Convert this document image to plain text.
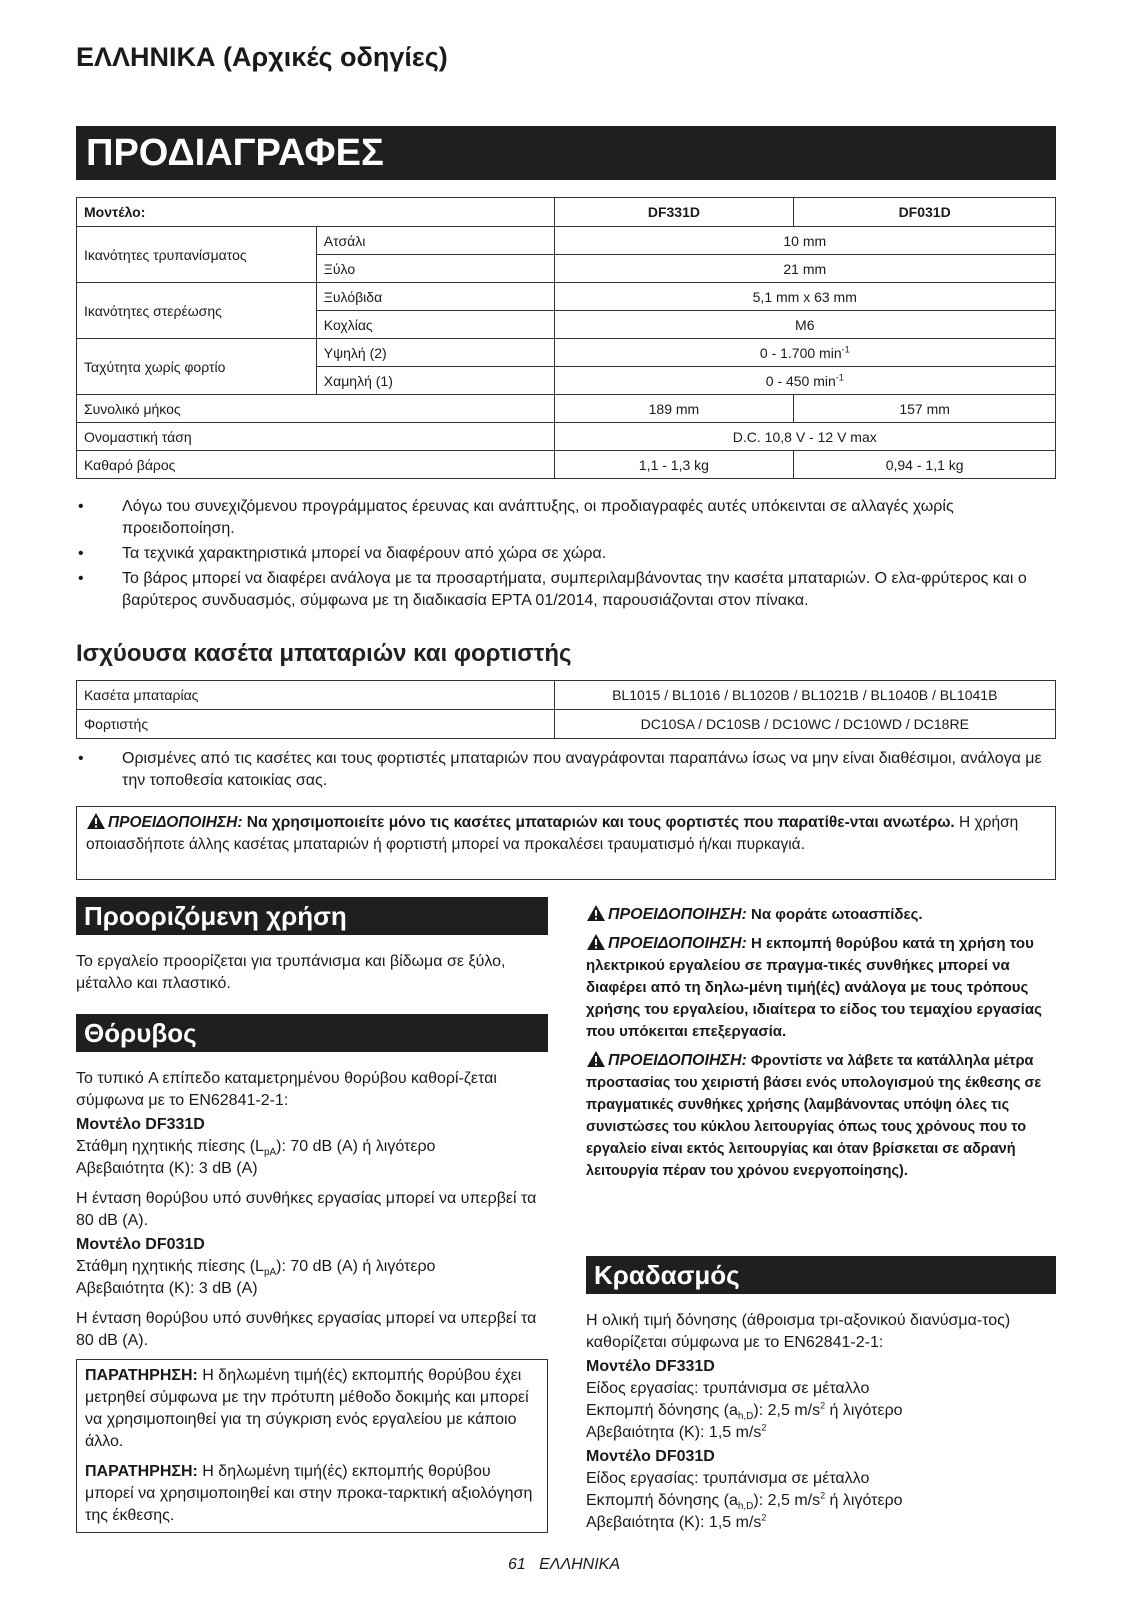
ΕΛΛΗΝΙΚΑ (Αρχικές οδηγίες)
ΠΡΟΔΙΑΓΡΑΦΕΣ
Μοντέλο:		DF331D	DF031D
Ικανότητες τρυπανίσματος	Ατσάλι	10 mm	
	Ξύλο	21 mm	
Ικανότητες στερέωσης	Ξυλόβιδα	5,1 mm x 63 mm	
	Κοχλίας	M6	
Ταχύτητα χωρίς φορτίο	Υψηλή (2)	0 - 1.700 $\min^{-1}$
	Χαμηλή (1)	0 - 450 $\min^{-1}$
Συνολικό μήκος		189 mm	157 mm
Ονομαστική τάση		D.C. 10,8 V - 12 V max	
Καθαρό βάρος		1,1 - 1,3 kg	0,94 - 1,1 kg
• Λόγω του συνεχιζόμενου προγράμματος έρευνας και ανάπτυξης, οι προδιαγραφές αυτές υπόκεινται σε αλλαγές χωρίς προειδοποίηση.
• Τα τεχνικά χαρακτηριστικά μπορεί να διαφέρουν από χώρα σε χώρα.
• Το βάρος μπορεί να διαφέρει ανάλογα με τα προσαρτήματα, συμπεριλαμβάνοντας την κασέτα μπαταριών. Ο ελα-φρύτερος και ο βαρύτερος συνδυασμός, σύμφωνα με τη διαδικασία EPTA 01/2014, παρουσιάζονται στον πίνακα.
Ισχύουσα κασέτα μπαταριών και φορτιστής
Κασέτα μπαταρίας	BL1015 / BL1016 / BL1020B / BL1021B / BL1040B / BL1041B
Φορτιστής	DC10SA / DC10SB / DC10WC / DC10WD / DC18RE
• Ορισμένες από τις κασέτες και τους φορτιστές μπαταριών που αναγράφονται παραπάνω ίσως να μην είναι διαθέσιμοι, ανάλογα με την τοποθεσία κατοικίας σας.
ΠΡΟΕΙΔΟΠΟΙΗΣΗ: Να χρησιμοποιείτε μόνο τις κασέτες μπαταριών και τους φορτιστές που παρατίθε-νται ανωτέρω. Η χρήση οποιασδήποτε άλλης κασέτας μπαταριών ή φορτιστή μπορεί να προκαλέσει τραυματισμό ή/και πυρκαγιά.
Προοριζόμενη χρήση

Το εργαλείο προορίζεται για τρυπάνισμα και βίδωμα σε ξύλο, μέταλλο και πλαστικό.

Θόρυβος

Το τυπικό A επίπεδο καταμετρημένου θορύβου καθορί-ζεται σύμφωνα με το EN62841-2-1:

Μοντέλο DF331D

Στάθμη ηχητικής πίεσης $(L_{pA})$: 70 dB (A) ή λιγότερο

Αβεβαιότητα (K): 3 dB (A)

Η ένταση θορύβου υπό συνθήκες εργασίας μπορεί να υπερβεί τα 80 dB (A).

Μοντέλο DF031D

Στάθμη ηχητικής πίεσης $(L_{pA})$: 70 dB (A) ή λιγότερο

Αβεβαιότητα (K): 3 dB (A)

Η ένταση θορύβου υπό συνθήκες εργασίας μπορεί να υπερβεί τα 80 dB (A).

ΠΑΡΑΤΗΡΗΣΗ: Η δηλωμένη τιμή(ές) εκπομπής θορύβου έχει μετρηθεί σύμφωνα με την πρότυπη μέθοδο δοκιμής και μπορεί να χρησιμοποιηθεί για τη σύγκριση ενός εργαλείου με κάποιο άλλο.

ΠΑΡΑΤΗΡΗΣΗ: Η δηλωμένη τιμή(ές) εκπομπής θορύβου μπορεί να χρησιμοποιηθεί και στην προκα-ταρκτική αξιολόγηση της έκθεσης.

ΠΡΟΕΙΔΟΠΟΙΗΣΗ: Να φοράτε ωτοασπίδες.

ΠΡΟΕΙΔΟΠΟΙΗΣΗ: Η εκπομπή θορύβου κατά τη χρήση του ηλεκτρικού εργαλείου σε πραγμα-τικές συνθήκες μπορεί να διαφέρει από τη δηλω-μένη τιμή(ές) ανάλογα με τους τρόπους χρήσης του εργαλείου, ιδιαίτερα το είδος του τεμαχίου εργασίας που υπόκειται επεξεργασία.

ΠΡΟΕΙΔΟΠΟΙΗΣΗ: Φροντίστε να λάβετε τα κατάλληλα μέτρα προστασίας του χειριστή βάσει ενός υπολογισμού της έκθεσης σε πραγματικές συνθήκες χρήσης (λαμβάνοντας υπόψη όλες τις συνιστώσες του κύκλου λειτουργίας όπως τους χρόνους που το εργαλείο είναι εκτός λειτουργίας και όταν βρίσκεται σε αδρανή λειτουργία πέραν του χρόνου ενεργοποίησης).

Κραδασμός

Η ολική τιμή δόνησης (άθροισμα τρι-αξονικού διανύσμα-τος) καθορίζεται σύμφωνα με το EN62841-2-1:

Μοντέλο DF331D

Είδος εργασίας: τρυπάνισμα σε μέταλλο

Εκπομπή δόνησης $(a_{h,D})$: 2,5 $m/s^2$ ή λιγότερο

Αβεβαιότητα (K): 1,5 $m/s^2$

Μοντέλο DF031D

Είδος εργασίας: τρυπάνισμα σε μέταλλο

Εκπομπή δόνησης $(a_{h,D})$: 2,5 $m/s^2$ ή λιγότερο

Αβεβαιότητα (K): 1,5 $m/s^2$

61 ΕΛΛΗΝΙΚΑ
